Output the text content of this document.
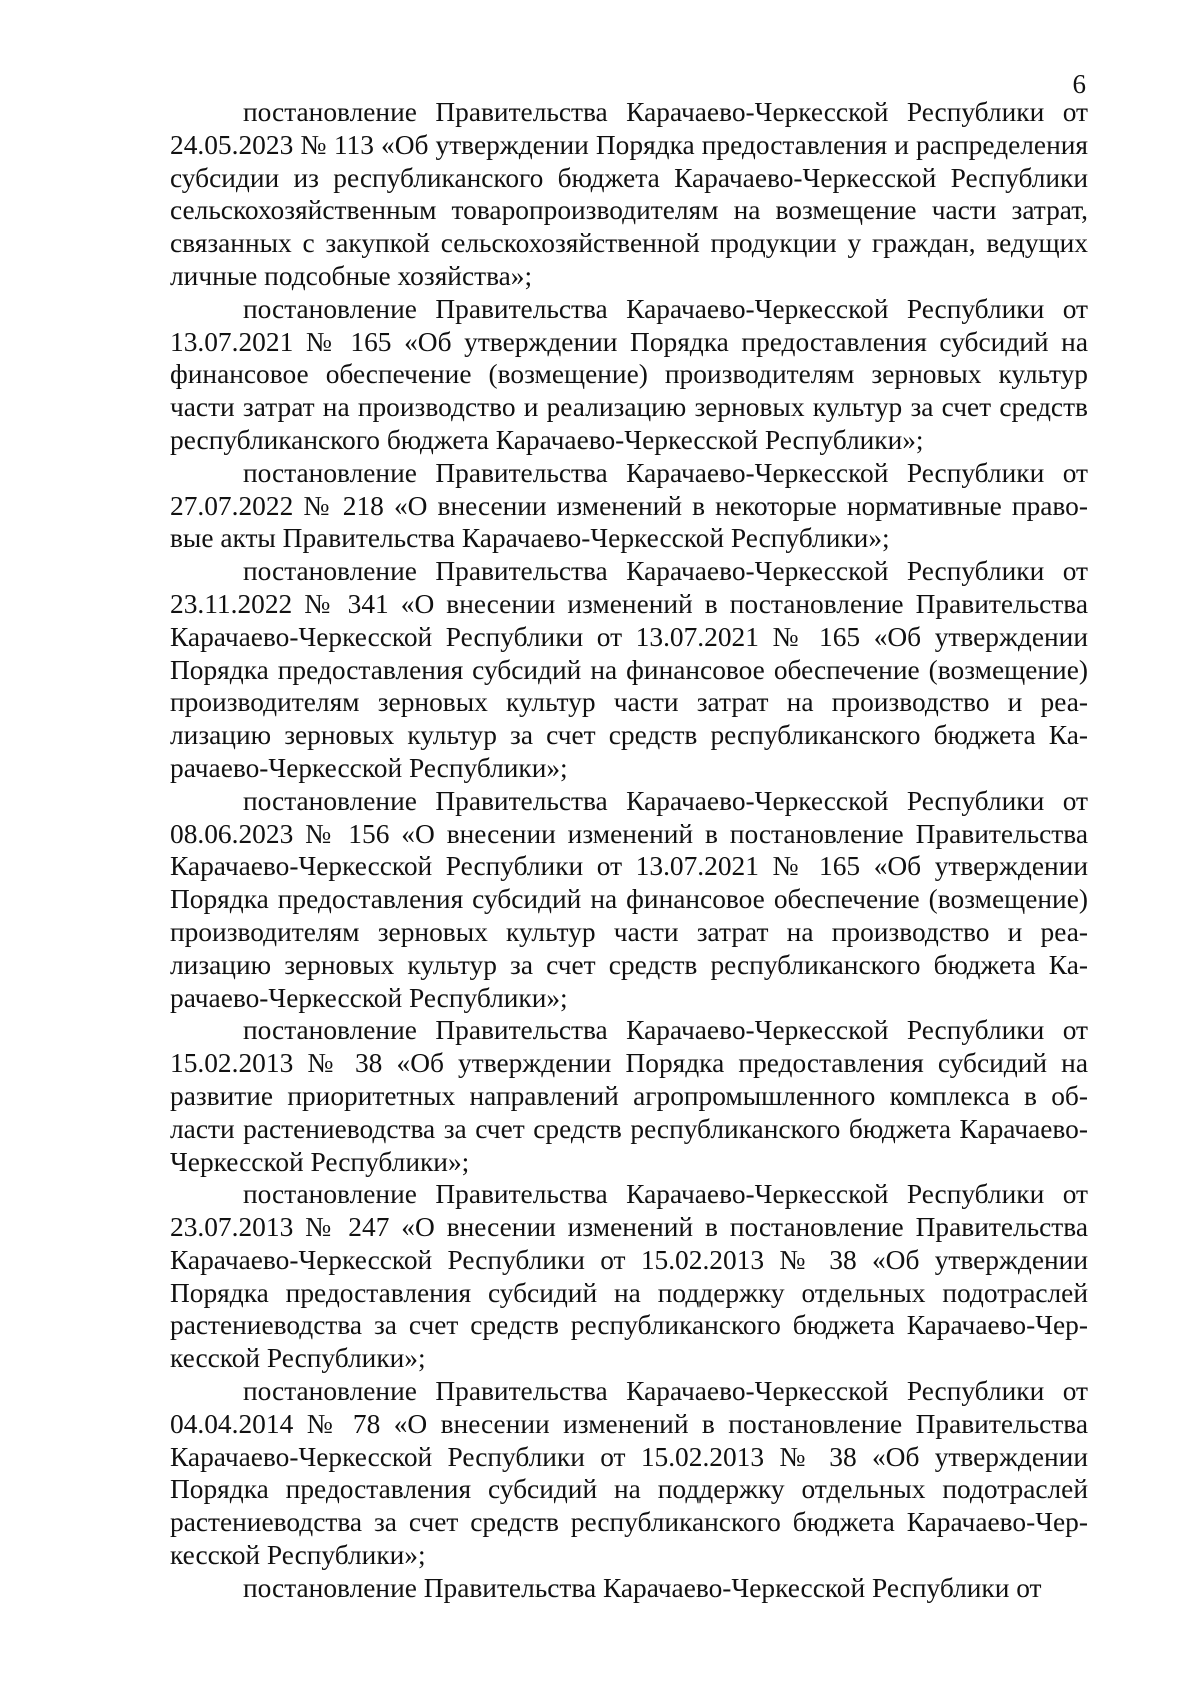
6

постановление Правительства Карачаево-Черкесской Республики от 24.05.2023 № 113 «Об утверждении Порядка предоставления и распределения субсидии из республиканского бюджета Карачаево-Черкесской Республики сельскохозяйственным товаропроизводителям на возмещение части затрат, связанных с закупкой сельскохозяйственной продукции у граждан, ведущих личные подсобные хозяйства»;

постановление Правительства Карачаево-Черкесской Республики от 13.07.2021 № 165 «Об утверждении Порядка предоставления субсидий на финансовое обеспечение (возмещение) производителям зерновых культур части затрат на производство и реализацию зерновых культур за счет средств республиканского бюджета Карачаево-Черкесской Республики»;

постановление Правительства Карачаево-Черкесской Республики от 27.07.2022 № 218 «О внесении изменений в некоторые нормативные правовые акты Правительства Карачаево-Черкесской Республики»;

постановление Правительства Карачаево-Черкесской Республики от 23.11.2022 № 341 «О внесении изменений в постановление Правительства Карачаево-Черкесской Республики от 13.07.2021 № 165 «Об утверждении Порядка предоставления субсидий на финансовое обеспечение (возмещение) производителям зерновых культур части затрат на производство и реализацию зерновых культур за счет средств республиканского бюджета Карачаево-Черкесской Республики»;

постановление Правительства Карачаево-Черкесской Республики от 08.06.2023 № 156 «О внесении изменений в постановление Правительства Карачаево-Черкесской Республики от 13.07.2021 № 165 «Об утверждении Порядка предоставления субсидий на финансовое обеспечение (возмещение) производителям зерновых культур части затрат на производство и реализацию зерновых культур за счет средств республиканского бюджета Карачаево-Черкесской Республики»;

постановление Правительства Карачаево-Черкесской Республики от 15.02.2013 № 38 «Об утверждении Порядка предоставления субсидий на развитие приоритетных направлений агропромышленного комплекса в области растениеводства за счет средств республиканского бюджета Карачаево-Черкесской Республики»;

постановление Правительства Карачаево-Черкесской Республики от 23.07.2013 № 247 «О внесении изменений в постановление Правительства Карачаево-Черкесской Республики от 15.02.2013 № 38 «Об утверждении Порядка предоставления субсидий на поддержку отдельных подотраслей растениеводства за счет средств республиканского бюджета Карачаево-Черкесской Республики»;

постановление Правительства Карачаево-Черкесской Республики от 04.04.2014 № 78 «О внесении изменений в постановление Правительства Карачаево-Черкесской Республики от 15.02.2013 № 38 «Об утверждении Порядка предоставления субсидий на поддержку отдельных подотраслей растениеводства за счет средств республиканского бюджета Карачаево-Черкесской Республики»;

постановление Правительства Карачаево-Черкесской Республики от
